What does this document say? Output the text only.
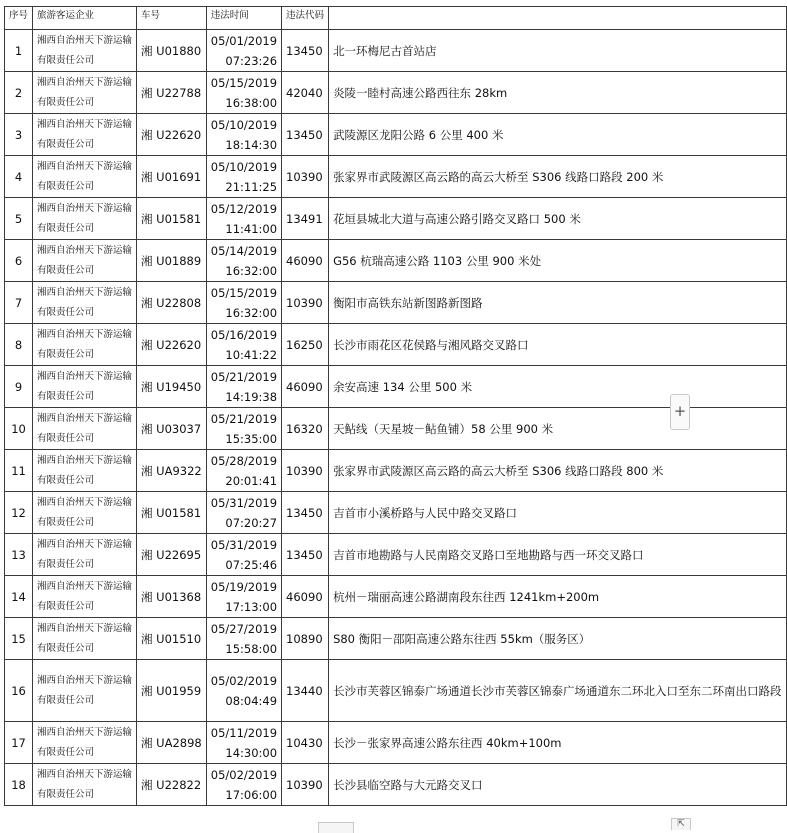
序号	旅游客运企业	车号	违法时间	违法代码	
1	湘西自治州天下游运输
有限责任公司	湘 U01880	05/01/2019
07:23:26	13450	北一环梅尼古首站店
2	湘西自治州天下游运输
有限责任公司	湘 U22788	05/15/2019
16:38:00	42040	炎陵一睦村高速公路西往东 28km
3	湘西自治州天下游运输
有限责任公司	湘 U22620	05/10/2019
18:14:30	13450	武陵源区龙阳公路 6 公里 400 米
4	湘西自治州天下游运输
有限责任公司	湘 U01691	05/10/2019
21:11:25	10390	张家界市武陵源区高云路的高云大桥至 S306 线路口路段 200 米
5	湘西自治州天下游运输
有限责任公司	湘 U01581	05/12/2019
11:41:00	13491	花垣县城北大道与高速公路引路交叉路口 500 米
6	湘西自治州天下游运输
有限责任公司	湘 U01889	05/14/2019
16:32:00	46090	G56 杭瑞高速公路 1103 公里 900 米处
7	湘西自治州天下游运输
有限责任公司	湘 U22808	05/15/2019
16:32:00	10390	衡阳市高铁东站新图路新图路
8	湘西自治州天下游运输
有限责任公司	湘 U22620	05/16/2019
10:41:22	16250	长沙市雨花区花侯路与湘风路交叉路口
9	湘西自治州天下游运输
有限责任公司	湘 U19450	05/21/2019
14:19:38	46090	余安高速 134 公里 500 米
10	湘西自治州天下游运输
有限责任公司	湘 U03037	05/21/2019
15:35:00	16320	天鲇线（天星坡－鲇鱼铺）58 公里 900 米
11	湘西自治州天下游运输
有限责任公司	湘 UA9322	05/28/2019
20:01:41	10390	张家界市武陵源区高云路的高云大桥至 S306 线路口路段 800 米
12	湘西自治州天下游运输
有限责任公司	湘 U01581	05/31/2019
07:20:27	13450	吉首市小溪桥路与人民中路交叉路口
13	湘西自治州天下游运输
有限责任公司	湘 U22695	05/31/2019
07:25:46	13450	吉首市地勘路与人民南路交叉路口至地勘路与西一环交叉路口
14	湘西自治州天下游运输
有限责任公司	湘 U01368	05/19/2019
17:13:00	46090	杭州－瑞丽高速公路湖南段东往西 1241km+200m
15	湘西自治州天下游运输
有限责任公司	湘 U01510	05/27/2019
15:58:00	10890	S80 衡阳－邵阳高速公路东往西 55km（服务区）
16	湘西自治州天下游运输
有限责任公司	湘 U01959	05/02/2019
08:04:49	13440	长沙市芙蓉区锦泰广场通道长沙市芙蓉区锦泰广场通道东二环北入口至东二环南出口路段
17	湘西自治州天下游运输
有限责任公司	湘 UA2898	05/11/2019
14:30:00	10430	长沙－张家界高速公路东往西 40km+100m
18	湘西自治州天下游运输
有限责任公司	湘 U22822	05/02/2019
17:06:00	10390	长沙县临空路与大元路交叉口
+
⇱
